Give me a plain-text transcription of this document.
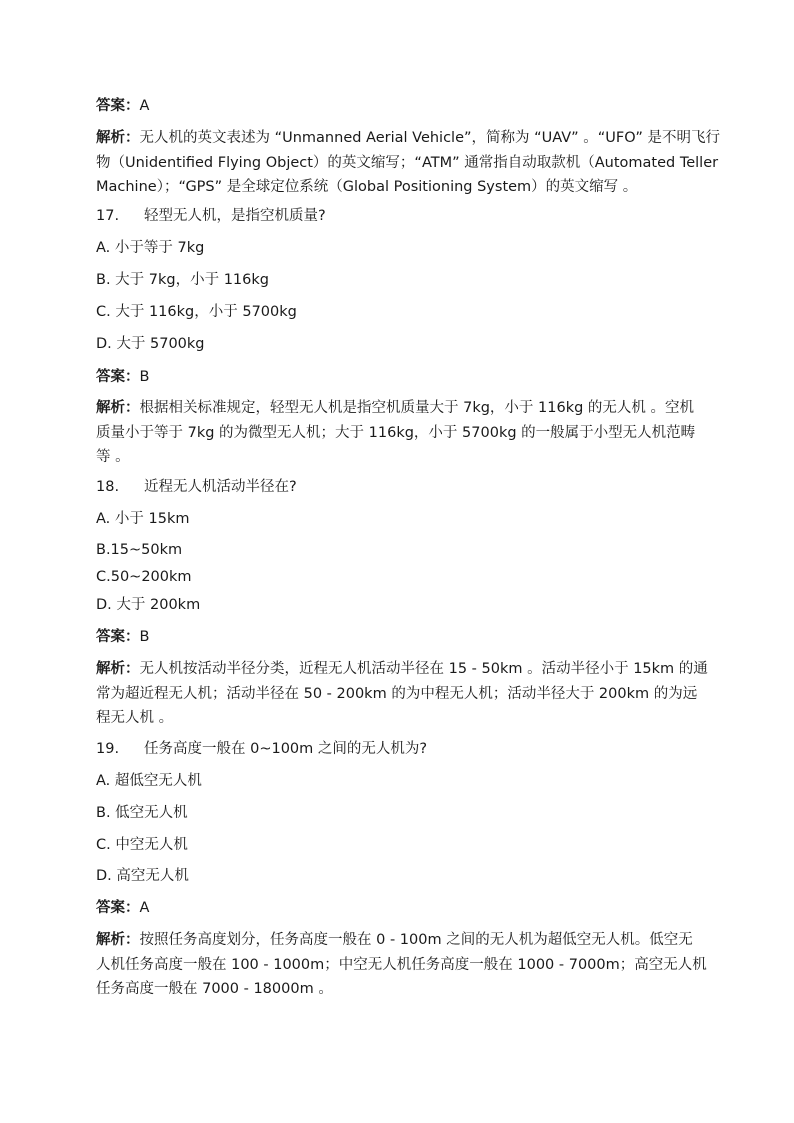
答案：A
解析：无人机的英文表述为 “Unmanned Aerial Vehicle”，简称为 “UAV” 。“UFO” 是不明飞行
物（Unidentified Flying Object）的英文缩写；“ATM” 通常指自动取款机（Automated Teller
Machine）；“GPS” 是全球定位系统（Global Positioning System）的英文缩写 。
17. 轻型无人机，是指空机质量?
A. 小于等于 7kg
B. 大于 7kg，小于 116kg
C. 大于 116kg，小于 5700kg
D. 大于 5700kg
答案：B
解析：根据相关标准规定，轻型无人机是指空机质量大于 7kg，小于 116kg 的无人机 。空机
质量小于等于 7kg 的为微型无人机；大于 116kg，小于 5700kg 的一般属于小型无人机范畴
等 。
18. 近程无人机活动半径在?
A. 小于 15km
B.15~50km
C.50~200km
D. 大于 200km
答案：B
解析：无人机按活动半径分类，近程无人机活动半径在 15 - 50km 。活动半径小于 15km 的通
常为超近程无人机；活动半径在 50 - 200km 的为中程无人机；活动半径大于 200km 的为远
程无人机 。
19. 任务高度一般在 0~100m 之间的无人机为?
A. 超低空无人机
B. 低空无人机
C. 中空无人机
D. 高空无人机
答案：A
解析：按照任务高度划分，任务高度一般在 0 - 100m 之间的无人机为超低空无人机。低空无
人机任务高度一般在 100 - 1000m；中空无人机任务高度一般在 1000 - 7000m；高空无人机
任务高度一般在 7000 - 18000m 。
